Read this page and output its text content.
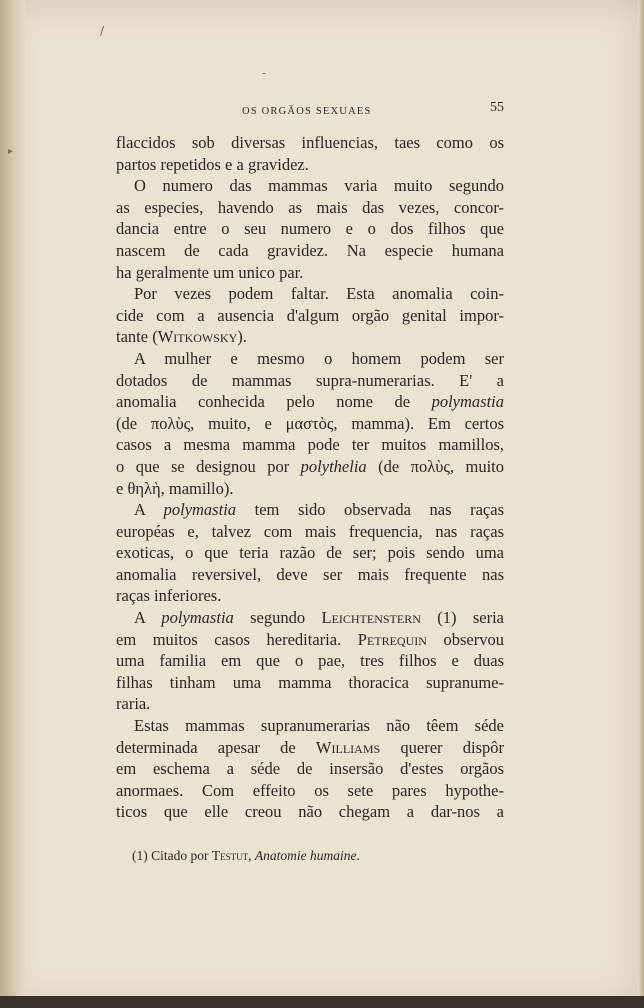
/
-
▸
OS ORGÃOS SEXUAES	55
flaccidos sob diversas influencias, taes como os
partos repetidos e a gravidez.
O numero das mammas varia muito segundo
as especies, havendo as mais das vezes, concor-
dancia entre o seu numero e o dos filhos que
nascem de cada gravidez. Na especie humana
ha geralmente um unico par.
Por vezes podem faltar. Esta anomalia coin-
cide com a ausencia d'algum orgão genital impor-
tante (Witkowsky).
A mulher e mesmo o homem podem ser
dotados de mammas supra-numerarias. E' a
anomalia conhecida pelo nome de polymastia
(de πολὺς, muito, e μαστὸς, mamma). Em certos
casos a mesma mamma pode ter muitos mamillos,
o que se designou por polythelia (de πολὺς, muito
e θηλὴ, mamillo).
A polymastia tem sido observada nas raças
européas e, talvez com mais frequencia, nas raças
exoticas, o que teria razão de ser; pois sendo uma
anomalia reversivel, deve ser mais frequente nas
raças inferiores.
A polymastia segundo Leichtenstern (1) seria
em muitos casos hereditaria. Petrequin observou
uma familia em que o pae, tres filhos e duas
filhas tinham uma mamma thoracica supranume-
raria.
Estas mammas supranumerarias não têem séde
determinada apesar de Williams querer dispôr
em eschema a séde de insersão d'estes orgãos
anormaes. Com effeito os sete pares hypothe-
ticos que elle creou não chegam a dar-nos a
(1) Citado por Testut, Anatomie humaine.
